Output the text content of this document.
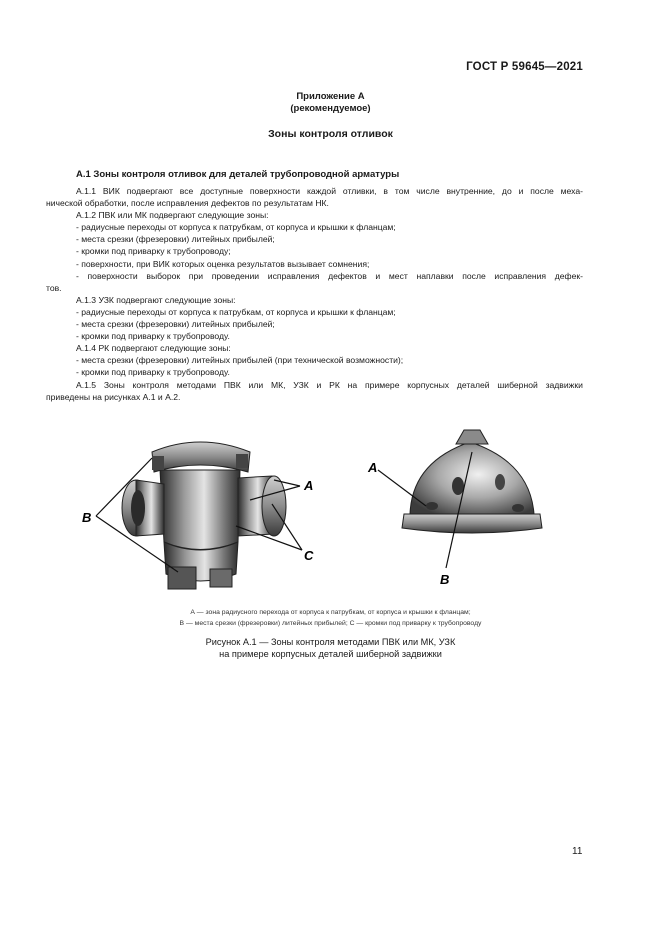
ГОСТ Р 59645—2021
Приложение А
(рекомендуемое)
Зоны контроля отливок
А.1 Зоны контроля отливок для деталей трубопроводной арматуры

А.1.1 ВИК подвергают все доступные поверхности каждой отливки, в том числе внутренние, до и после меха-

нической обработки, после исправления дефектов по результатам НК.

А.1.2 ПВК или МК подвергают следующие зоны:

- радиусные переходы от корпуса к патрубкам, от корпуса и крышки к фланцам;

- места срезки (фрезеровки) литейных прибылей;

- кромки под приварку к трубопроводу;

- поверхности, при ВИК которых оценка результатов вызывает сомнения;

- поверхности выборок при проведении исправления дефектов и мест наплавки после исправления дефек-

тов.

А.1.3 УЗК подвергают следующие зоны:

- радиусные переходы от корпуса к патрубкам, от корпуса и крышки к фланцам;

- места срезки (фрезеровки) литейных прибылей;

- кромки под приварку к трубопроводу.

А.1.4 РК подвергают следующие зоны:

- места срезки (фрезеровки) литейных прибылей (при технической возможности);

- кромки под приварку к трубопроводу.

А.1.5 Зоны контроля методами ПВК или МК, УЗК и РК на примере корпусных деталей шиберной задвижки

приведены на рисунках А.1 и А.2.

A
B
C
A
B
А — зона радиусного перехода от корпуса к патрубкам, от корпуса и крышки к фланцам;
В — места срезки (фрезеровки) литейных прибылей; С — кромки под приварку к трубопроводу
Рисунок А.1 — Зоны контроля методами ПВК или МК, УЗК
на примере корпусных деталей шиберной задвижки
11
